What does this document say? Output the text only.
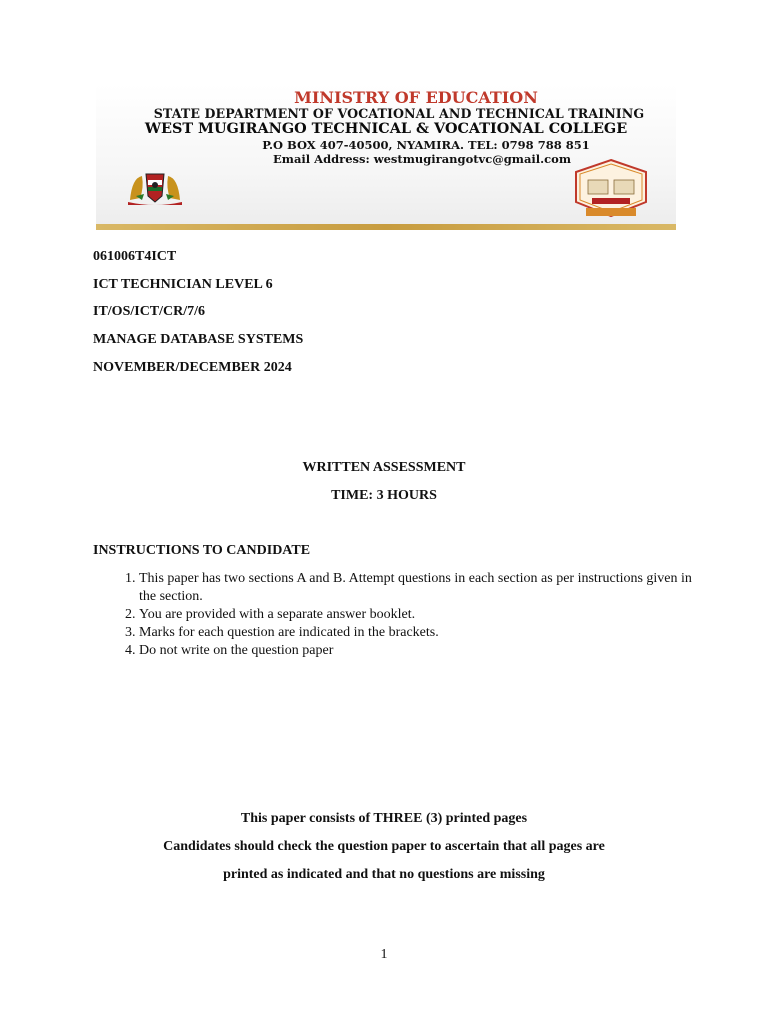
MINISTRY OF EDUCATION
STATE DEPARTMENT OF VOCATIONAL AND TECHNICAL TRAINING
WEST MUGIRANGO TECHNICAL & VOCATIONAL COLLEGE
P.O BOX 407-40500, NYAMIRA. TEL: 0798 788 851
Email Address: westmugirangotvc@gmail.com
061006T4ICT
ICT TECHNICIAN LEVEL 6
IT/OS/ICT/CR/7/6
MANAGE DATABASE SYSTEMS
NOVEMBER/DECEMBER 2024
WRITTEN ASSESSMENT
TIME: 3 HOURS
INSTRUCTIONS TO CANDIDATE
1. This paper has two sections A and B. Attempt questions in each section as per instructions given in the section.
2. You are provided with a separate answer booklet.
3. Marks for each question are indicated in the brackets.
4. Do not write on the question paper
This paper consists of THREE (3) printed pages
Candidates should check the question paper to ascertain that all pages are
printed as indicated and that no questions are missing
1
